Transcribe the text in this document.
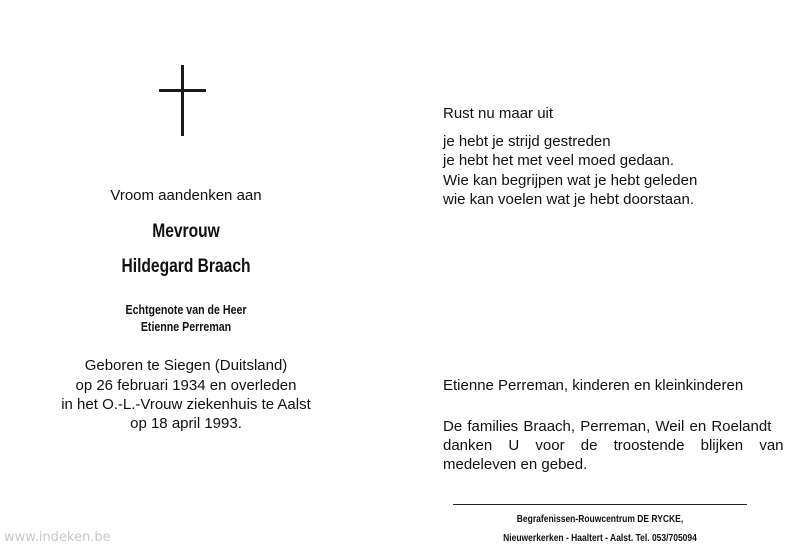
Vroom aandenken aan
Mevrouw
Hildegard Braach
Echtgenote van de Heer
Etienne Perreman
Geboren te Siegen (Duitsland)
op 26 februari 1934 en overleden
in het O.-L.-Vrouw ziekenhuis te Aalst
op 18 april 1993.
Rust nu maar uit
je hebt je strijd gestreden
je hebt het met veel moed gedaan.
Wie kan begrijpen wat je hebt geleden
wie kan voelen wat je hebt doorstaan.
Etienne Perreman, kinderen en kleinkinderen
De families Braach, Perreman, Weil en Roelandt
danken U voor de troostende blijken van
medeleven en gebed.
Begrafenissen-Rouwcentrum DE RYCKE,
Nieuwerkerken - Haaltert - Aalst. Tel. 053/705094
www.indeken.be
